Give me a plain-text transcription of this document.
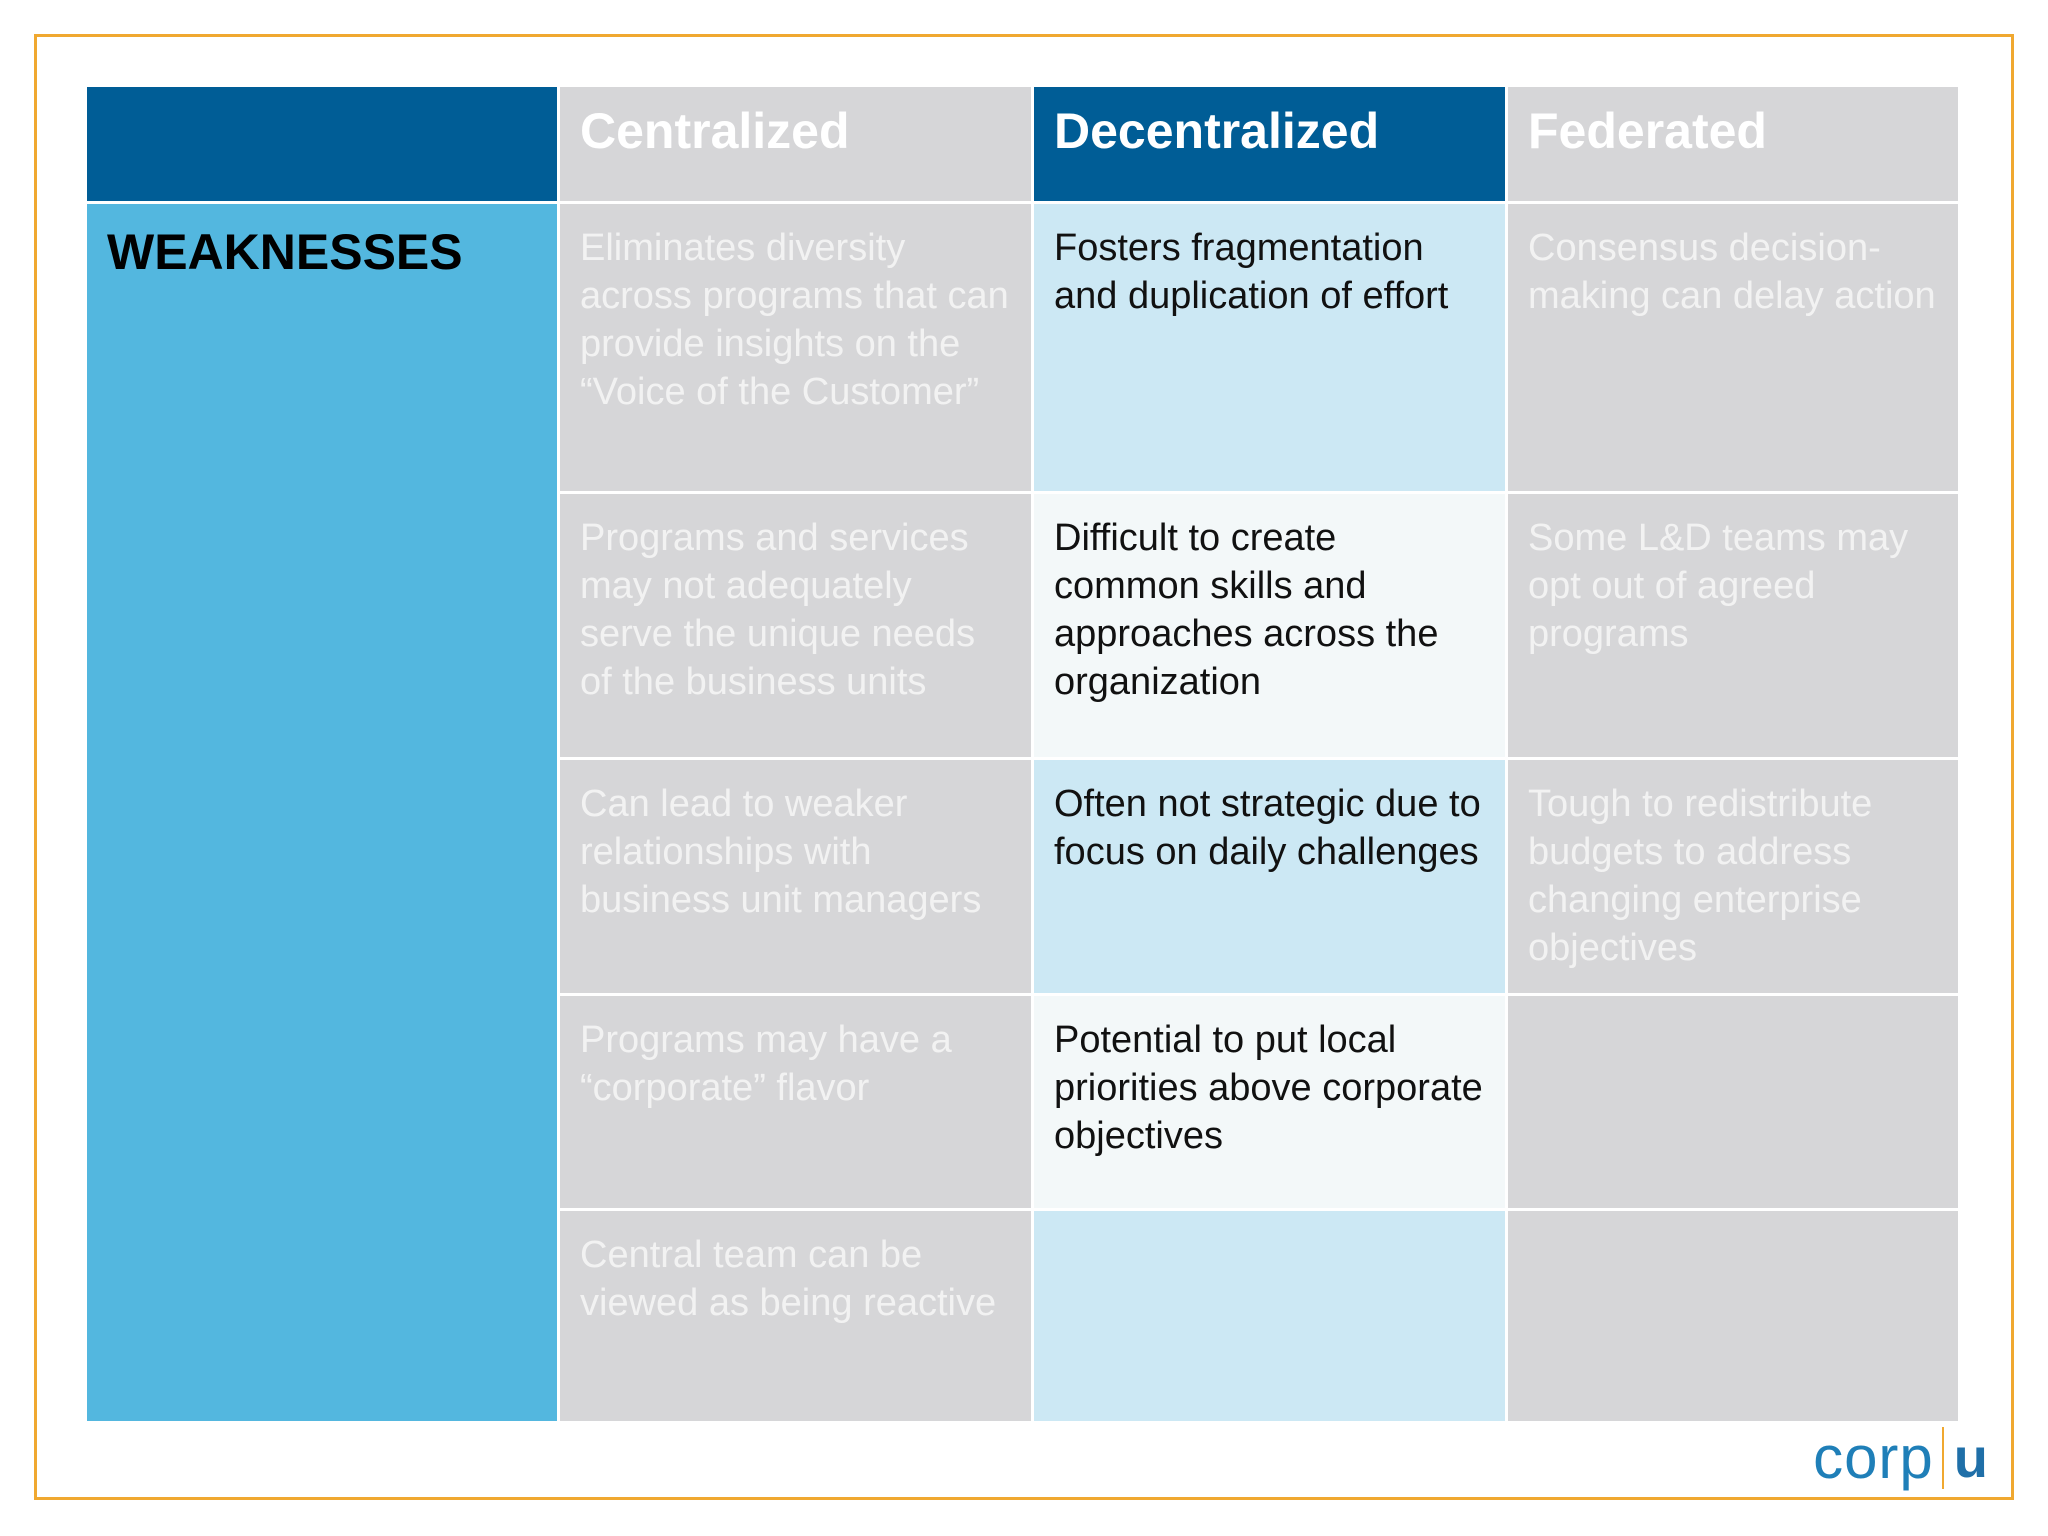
	Centralized	Decentralized	Federated
WEAKNESSES	Eliminates diversity across programs that can provide insights on the “Voice of the Customer”	Fosters fragmentation and duplication of effort	Consensus decision-making can delay action
	Programs and services may not adequately serve the unique needs of the business units	Difficult to create common skills and approaches across the organization	Some L&D teams may opt out of agreed programs
	Can lead to weaker relationships with business unit managers	Often not strategic due to focus on daily challenges	Tough to redistribute budgets to address changing enterprise objectives
	Programs may have a “corporate” flavor	Potential to put local priorities above corporate objectives	
	Central team can be viewed as being reactive		
corp u
